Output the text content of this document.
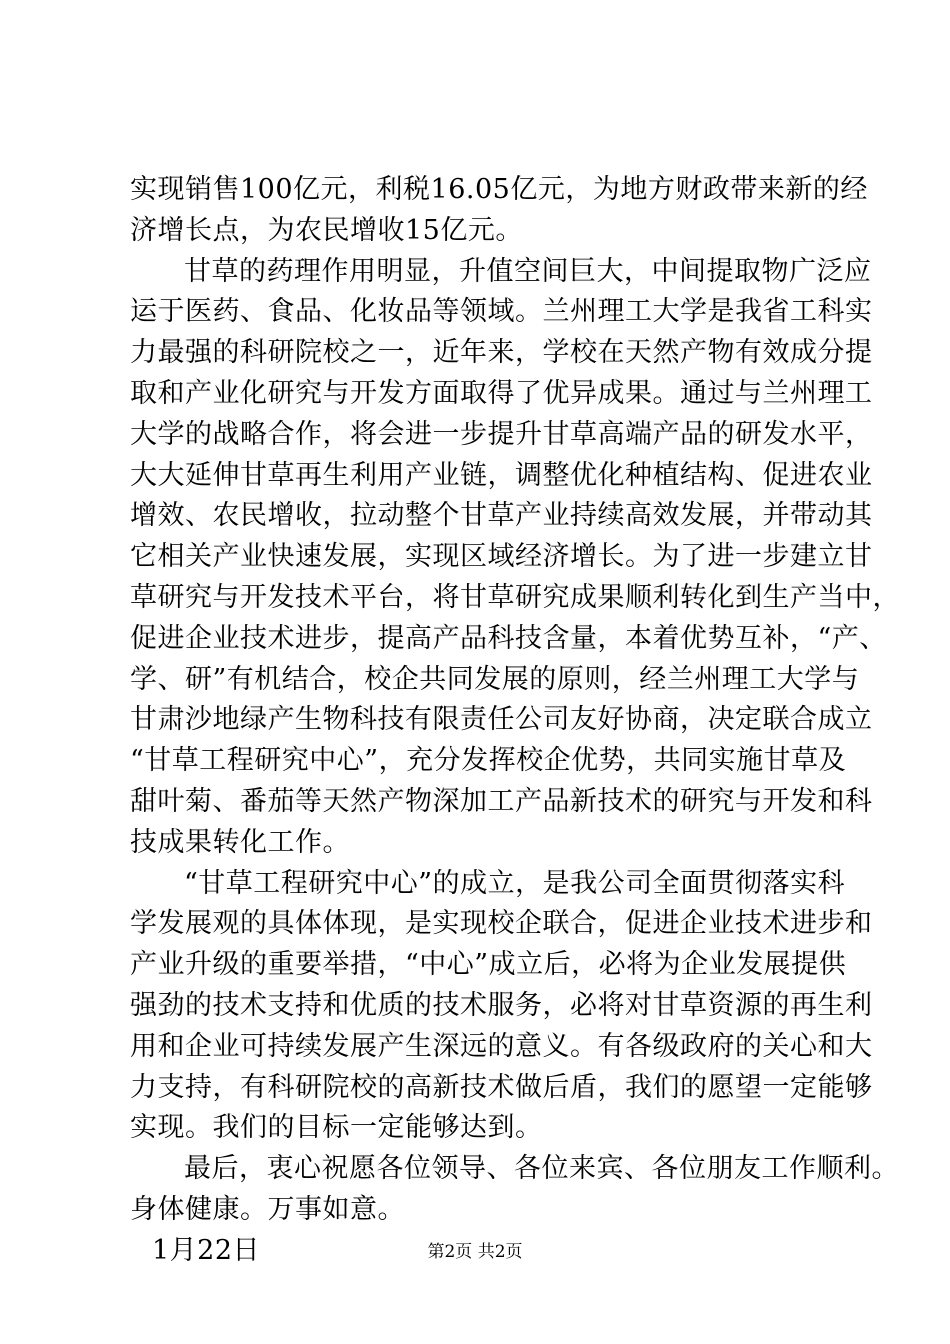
实现销售100亿元，利税16.05亿元，为地方财政带来新的经
济增长点，为农民增收15亿元。
甘草的药理作用明显，升值空间巨大，中间提取物广泛应
运于医药、食品、化妆品等领域。兰州理工大学是我省工科实
力最强的科研院校之一，近年来，学校在天然产物有效成分提
取和产业化研究与开发方面取得了优异成果。通过与兰州理工
大学的战略合作，将会进一步提升甘草高端产品的研发水平，
大大延伸甘草再生利用产业链，调整优化种植结构、促进农业
增效、农民增收，拉动整个甘草产业持续高效发展，并带动其
它相关产业快速发展，实现区域经济增长。为了进一步建立甘
草研究与开发技术平台，将甘草研究成果顺利转化到生产当中，
促进企业技术进步，提高产品科技含量，本着优势互补，“产、
学、研”有机结合，校企共同发展的原则，经兰州理工大学与
甘肃沙地绿产生物科技有限责任公司友好协商，决定联合成立
“甘草工程研究中心”，充分发挥校企优势，共同实施甘草及
甜叶菊、番茄等天然产物深加工产品新技术的研究与开发和科
技成果转化工作。
“甘草工程研究中心”的成立，是我公司全面贯彻落实科
学发展观的具体体现，是实现校企联合，促进企业技术进步和
产业升级的重要举措，“中心”成立后，必将为企业发展提供
强劲的技术支持和优质的技术服务，必将对甘草资源的再生利
用和企业可持续发展产生深远的意义。有各级政府的关心和大
力支持，有科研院校的高新技术做后盾，我们的愿望一定能够
实现。我们的目标一定能够达到。
最后，衷心祝愿各位领导、各位来宾、各位朋友工作顺利。
身体健康。万事如意。
1月22日	第2页 共2页
